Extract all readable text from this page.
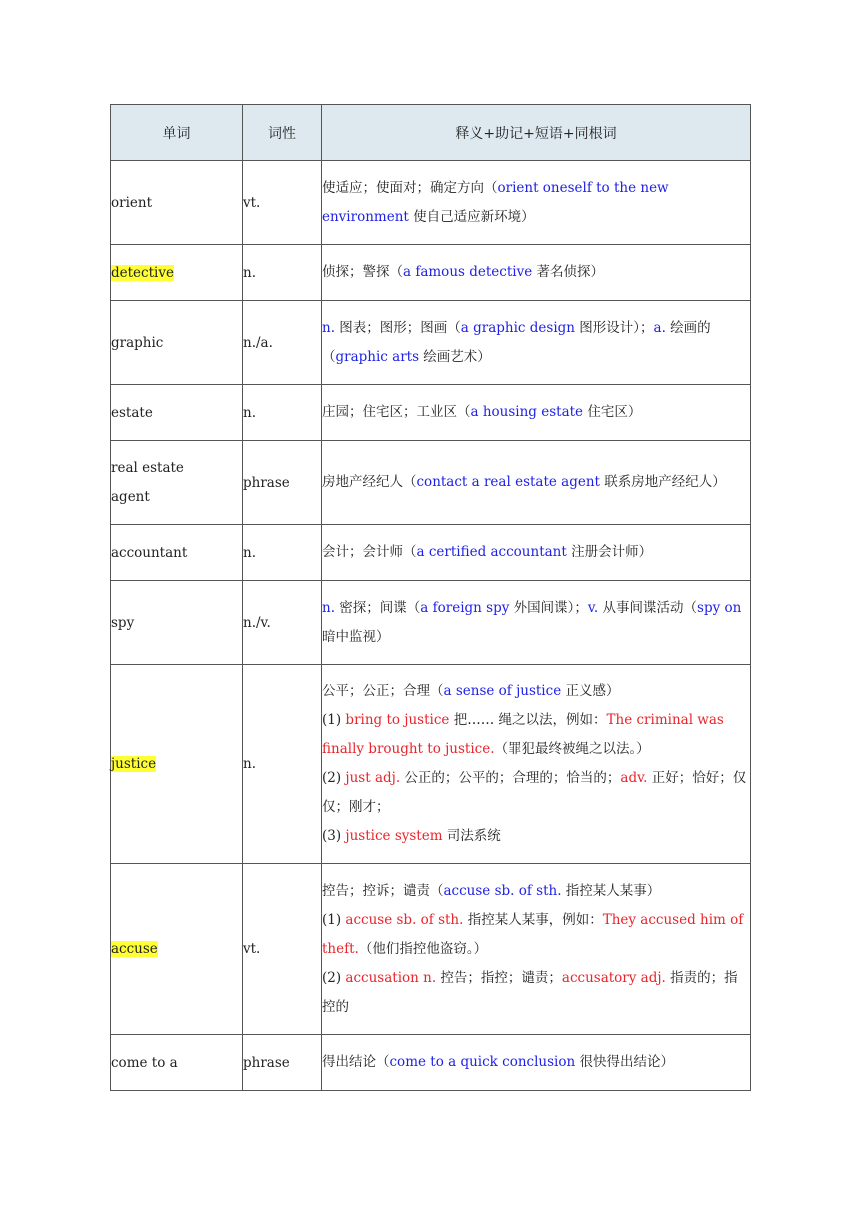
单词	词性	释义+助记+短语+同根词
orient	vt.	使适应；使面对；确定方向（orient oneself to the new environment 使自己适应新环境）

detective	n.	侦探；警探（a famous detective 著名侦探）

graphic	n./a.	n. 图表；图形；图画（a graphic design 图形设计）；a. 绘画的（graphic arts 绘画艺术）

estate	n.	庄园；住宅区；工业区（a housing estate 住宅区）

real estate agent	phrase	房地产经纪人（contact a real estate agent 联系房地产经纪人）

accountant	n.	会计；会计师（a certified accountant 注册会计师）

spy	n./v.	n. 密探；间谍（a foreign spy 外国间谍）；v. 从事间谍活动（spy on 暗中监视）

justice	n.	公平；公正；合理（a sense of justice 正义感）
(1) bring to justice 把…… 绳之以法，例如：The criminal was finally brought to justice.（罪犯最终被绳之以法。）
(2) just adj. 公正的；公平的；合理的；恰当的；adv. 正好；恰好；仅仅；刚才；
(3) justice system 司法系统

accuse	vt.	控告；控诉；谴责（accuse sb. of sth. 指控某人某事）
(1) accuse sb. of sth. 指控某人某事，例如：They accused him of theft.（他们指控他盗窃。）
(2) accusation n. 控告；指控；谴责；accusatory adj. 指责的；指控的

come to a	phrase	得出结论（come to a quick conclusion 很快得出结论）
